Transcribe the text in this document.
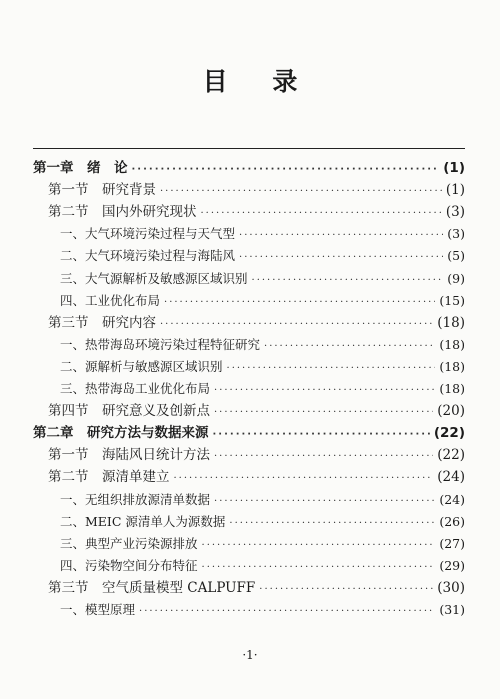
目 录
第一章　绪　论 ·····	(1)
第一节　研究背景 ·····	(1)
第二节　国内外研究现状 ·····	(3)
一、大气环境污染过程与天气型 ·····	(3)
二、大气环境污染过程与海陆风 ·····	(5)
三、大气源解析及敏感源区域识别 ·····	(9)
四、工业优化布局 ·····	(15)
第三节　研究内容 ·····	(18)
一、热带海岛环境污染过程特征研究 ·····	(18)
二、源解析与敏感源区域识别 ·····	(18)
三、热带海岛工业优化布局 ·····	(18)
第四节　研究意义及创新点 ·····	(20)
第二章　研究方法与数据来源 ·····	(22)
第一节　海陆风日统计方法 ·····	(22)
第二节　源清单建立 ·····	(24)
一、无组织排放源清单数据 ·····	(24)
二、MEIC 源清单人为源数据 ·····	(26)
三、典型产业污染源排放 ·····	(27)
四、污染物空间分布特征 ·····	(29)
第三节　空气质量模型 CALPUFF ·····	(30)
一、模型原理 ·····	(31)
·1·
